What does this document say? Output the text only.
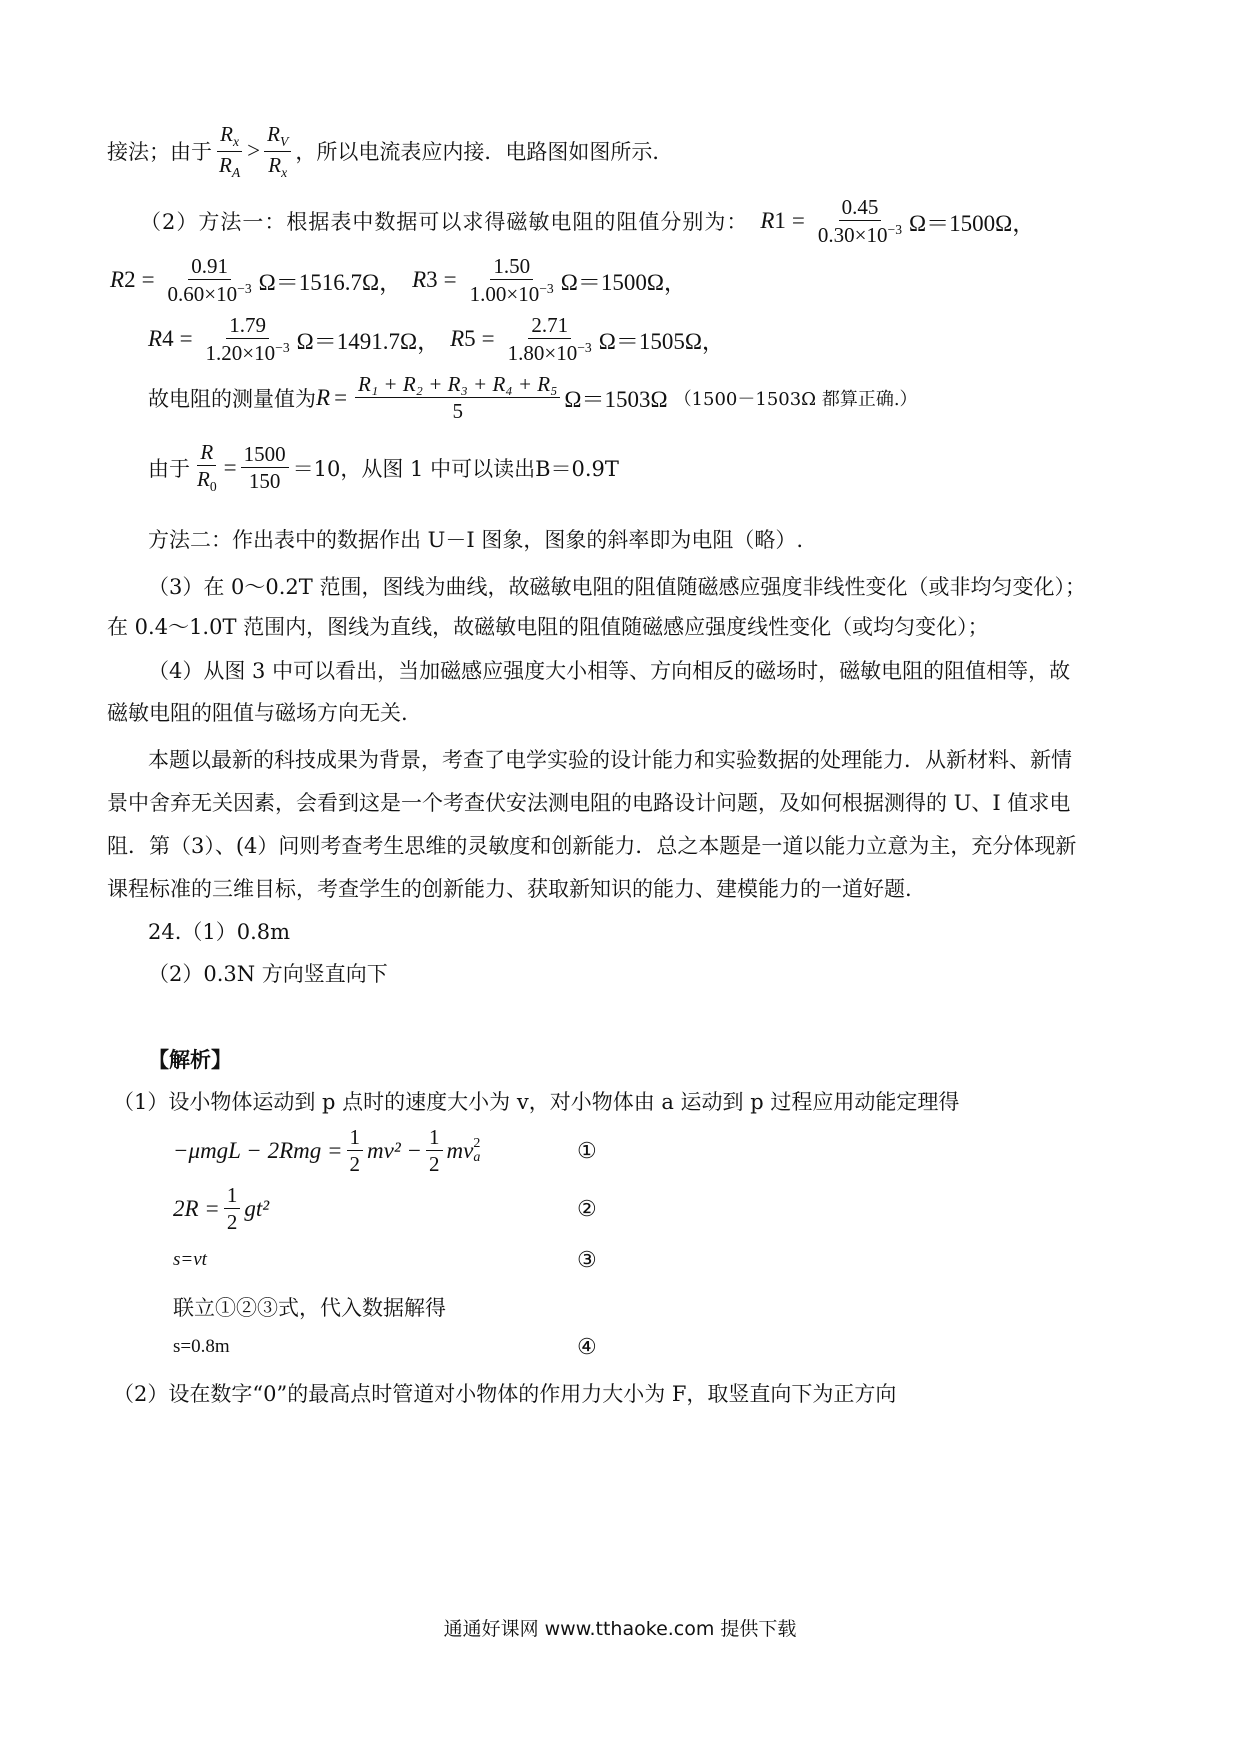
接法；由于 $\frac{R_x}{R_A} > \frac{R_V}{R_x}$ ，所以电流表应内接．电路图如图所示．
（2）方法一：根据表中数据可以求得磁敏电阻的阻值分别为： R $1 = \frac{0.45}{0.30\times 10^{-3}} \Omega=1500\Omega$，
R $2 = \frac{0.91}{0.60\times 10^{-3}} \Omega=1516.7\Omega$， R $3 = \frac{1.50}{1.00\times 10^{-3}} \Omega=1500\Omega$，
R $4 = \frac{1.79}{1.20\times 10^{-3}} \Omega=1491.7\Omega$， R $5 = \frac{2.71}{1.80\times 10^{-3}} \Omega=1505\Omega$，
故电阻的测量值为 $R = \frac{\text{R₁ + R₂ + R₃ + R₄ + R₅}}{5} \Omega=1503\Omega$ （1500－1503Ω 都算正确.）
由于 $\frac{R}{R_0} = \frac{1500}{150} =10$，从图 1 中可以读出 B＝0.9T
方法二：作出表中的数据作出 U－I 图象，图象的斜率即为电阻（略）.
（3）在 0～0.2T 范围，图线为曲线，故磁敏电阻的阻值随磁感应强度非线性变化（或非均匀变化）；
在 0.4～1.0T 范围内，图线为直线，故磁敏电阻的阻值随磁感应强度线性变化（或均匀变化）；
（4）从图 3 中可以看出，当加磁感应强度大小相等、方向相反的磁场时，磁敏电阻的阻值相等，故
磁敏电阻的阻值与磁场方向无关.
本题以最新的科技成果为背景，考查了电学实验的设计能力和实验数据的处理能力．从新材料、新情
景中舍弃无关因素，会看到这是一个考查伏安法测电阻的电路设计问题，及如何根据测得的 U、I 值求电
阻．第（3）、(4）问则考查考生思维的灵敏度和创新能力．总之本题是一道以能力立意为主，充分体现新
课程标准的三维目标，考查学生的创新能力、获取新知识的能力、建模能力的一道好题.
24.（1）0.8m
（2）0.3N 方向竖直向下
【解析】
（1）设小物体运动到 p 点时的速度大小为 v，对小物体由 a 运动到 p 过程应用动能定理得
$-\mu mgL - 2Rmg = \frac{1}{2} mv^2 - \frac{1}{2}$ mv 2
a	①
$2R = \frac{1}{2} gt^2$	②
s=vt	③
联立①②③式，代入数据解得
s=0.8m	④
（2）设在数字“0”的最高点时管道对小物体的作用力大小为 F，取竖直向下为正方向
通通好课网 www.tthaoke.com 提供下载
